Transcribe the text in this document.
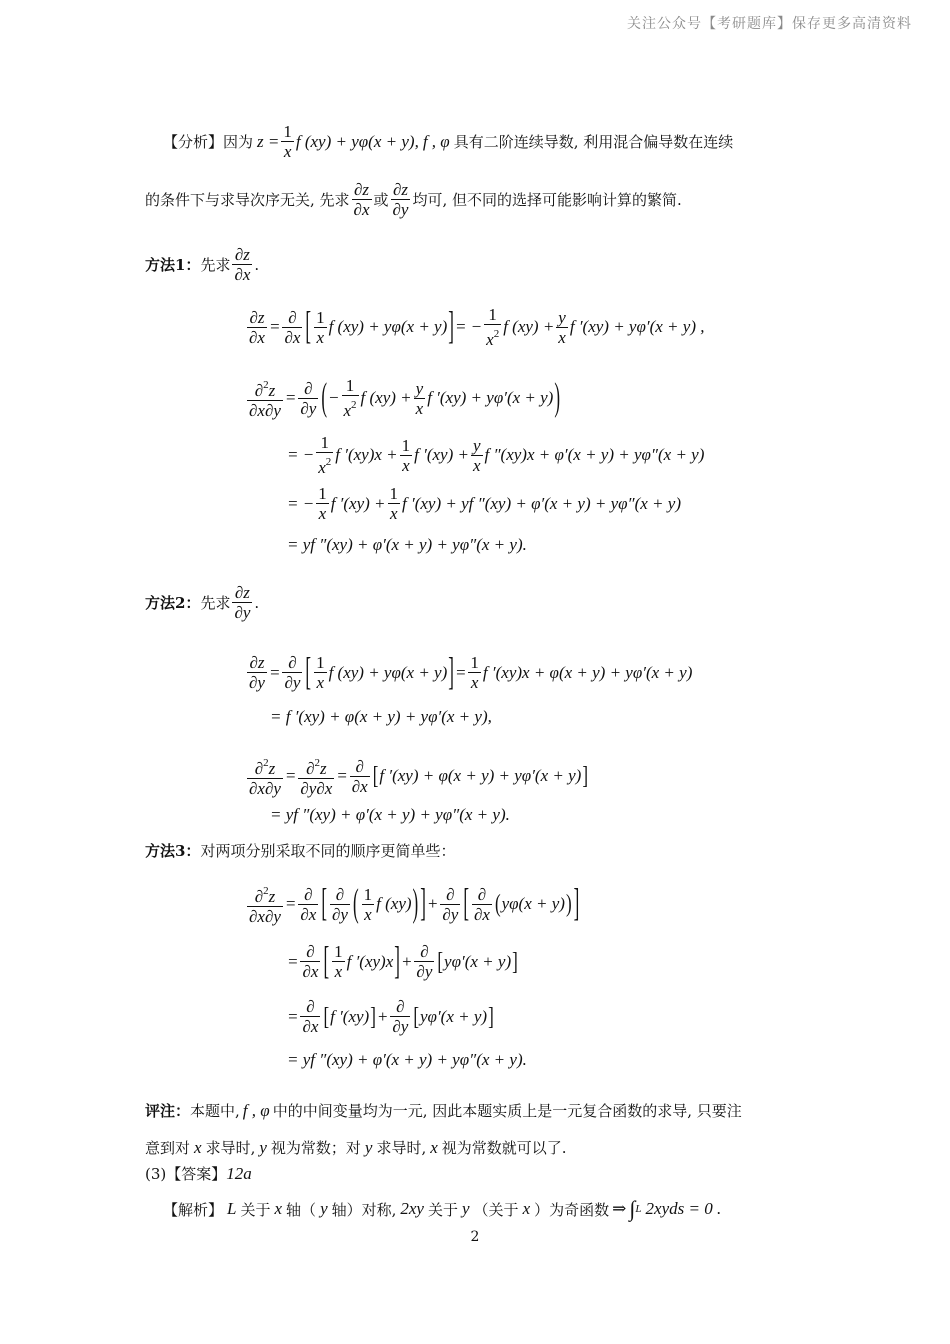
关注公众号【考研题库】保存更多高清资料
【分析】 因为 $z = \frac{1}{x}$ f (xy) + yφ(x + y), f , φ 具有二阶连续导数, 利用混合偏导数在连续
的条件下与求导次序无关, 先求 $\frac{\partial z}{\partial x}$ 或 $\frac{\partial z}{\partial y}$ 均可, 但不同的选择可能影响计算的繁简.
方法1： 先求 $\frac{\partial z}{\partial x}$ .
$\frac{\partial z}{\partial x} = \frac{\partial}{\partial x}$ [ $\frac{1}{x}$ f (xy) + yφ(x + y) ] = − $\frac{1}{x^2}$ f $(xy) + \frac{y}{x}$ f ′(xy) + yφ′(x + y) ,
$\frac{\partial^2z}{\partial x\partial y} = \frac{\partial}{\partial y}$ ( − $\frac{1}{x^2}$ f $(xy) + \frac{y}{x}$ f ′(xy) + yφ′(x + y) )
= − $\frac{1}{x^2}$ f $'(xy)x + \frac{1}{x}$ f $'(xy) + \frac{y}{x}$ f ″(xy)x + φ′(x + y) + yφ″(x + y)
= − $\frac{1}{x}$ f $'(xy) + \frac{1}{x}$ f ′(xy) + yf ″(xy) + φ′(x + y) + yφ″(x + y)
= yf ″(xy) + φ′(x + y) + yφ″(x + y).
方法2： 先求 $\frac{\partial z}{\partial y}$ .
$\frac{\partial z}{\partial y} = \frac{\partial}{\partial y}$ [ $\frac{1}{x}$ f (xy) + yφ(x + y) ] = $\frac{1}{x}$ f ′(xy)x + φ(x + y) + yφ′(x + y)
= f ′(xy) + φ(x + y) + yφ′(x + y),
$\frac{\partial^2z}{\partial x\partial y} = \frac{\partial^2z}{\partial y\partial x} = \frac{\partial}{\partial x}$ [ f ′(xy) + φ(x + y) + yφ′(x + y) ]
= yf ″(xy) + φ′(x + y) + yφ″(x + y).
方法3： 对两项分别采取不同的顺序更简单些：
$\frac{\partial^2z}{\partial x\partial y} = \frac{\partial}{\partial x}$ [ $\frac{\partial}{\partial y}$ ( $\frac{1}{x}$ f (xy) ) ] + $\frac{\partial}{\partial y}$ [ $\frac{\partial}{\partial x}$ ( yφ(x + y) ) ]
= $\frac{\partial}{\partial x}$ [ $\frac{1}{x}$ f ′(xy)x ] + $\frac{\partial}{\partial y}$ [ yφ′(x + y) ]
= $\frac{\partial}{\partial x}$ [ f ′(xy) ] + $\frac{\partial}{\partial y}$ [ yφ′(x + y) ]
= yf ″(xy) + φ′(x + y) + yφ″(x + y).
评注： 本题中, f , φ 中的中间变量均为一元, 因此本题实质上是一元复合函数的求导, 只要注
意到对 x 求导时, y 视为常数；对 y 求导时, x 视为常数就可以了.
(3) 【答案】 12a
【解析】 L 关于 x 轴（ y 轴）对称, 2xy 关于 y （关于 x ）为奇函数 ⇒ ∫ L 2xyds = 0 .
2
